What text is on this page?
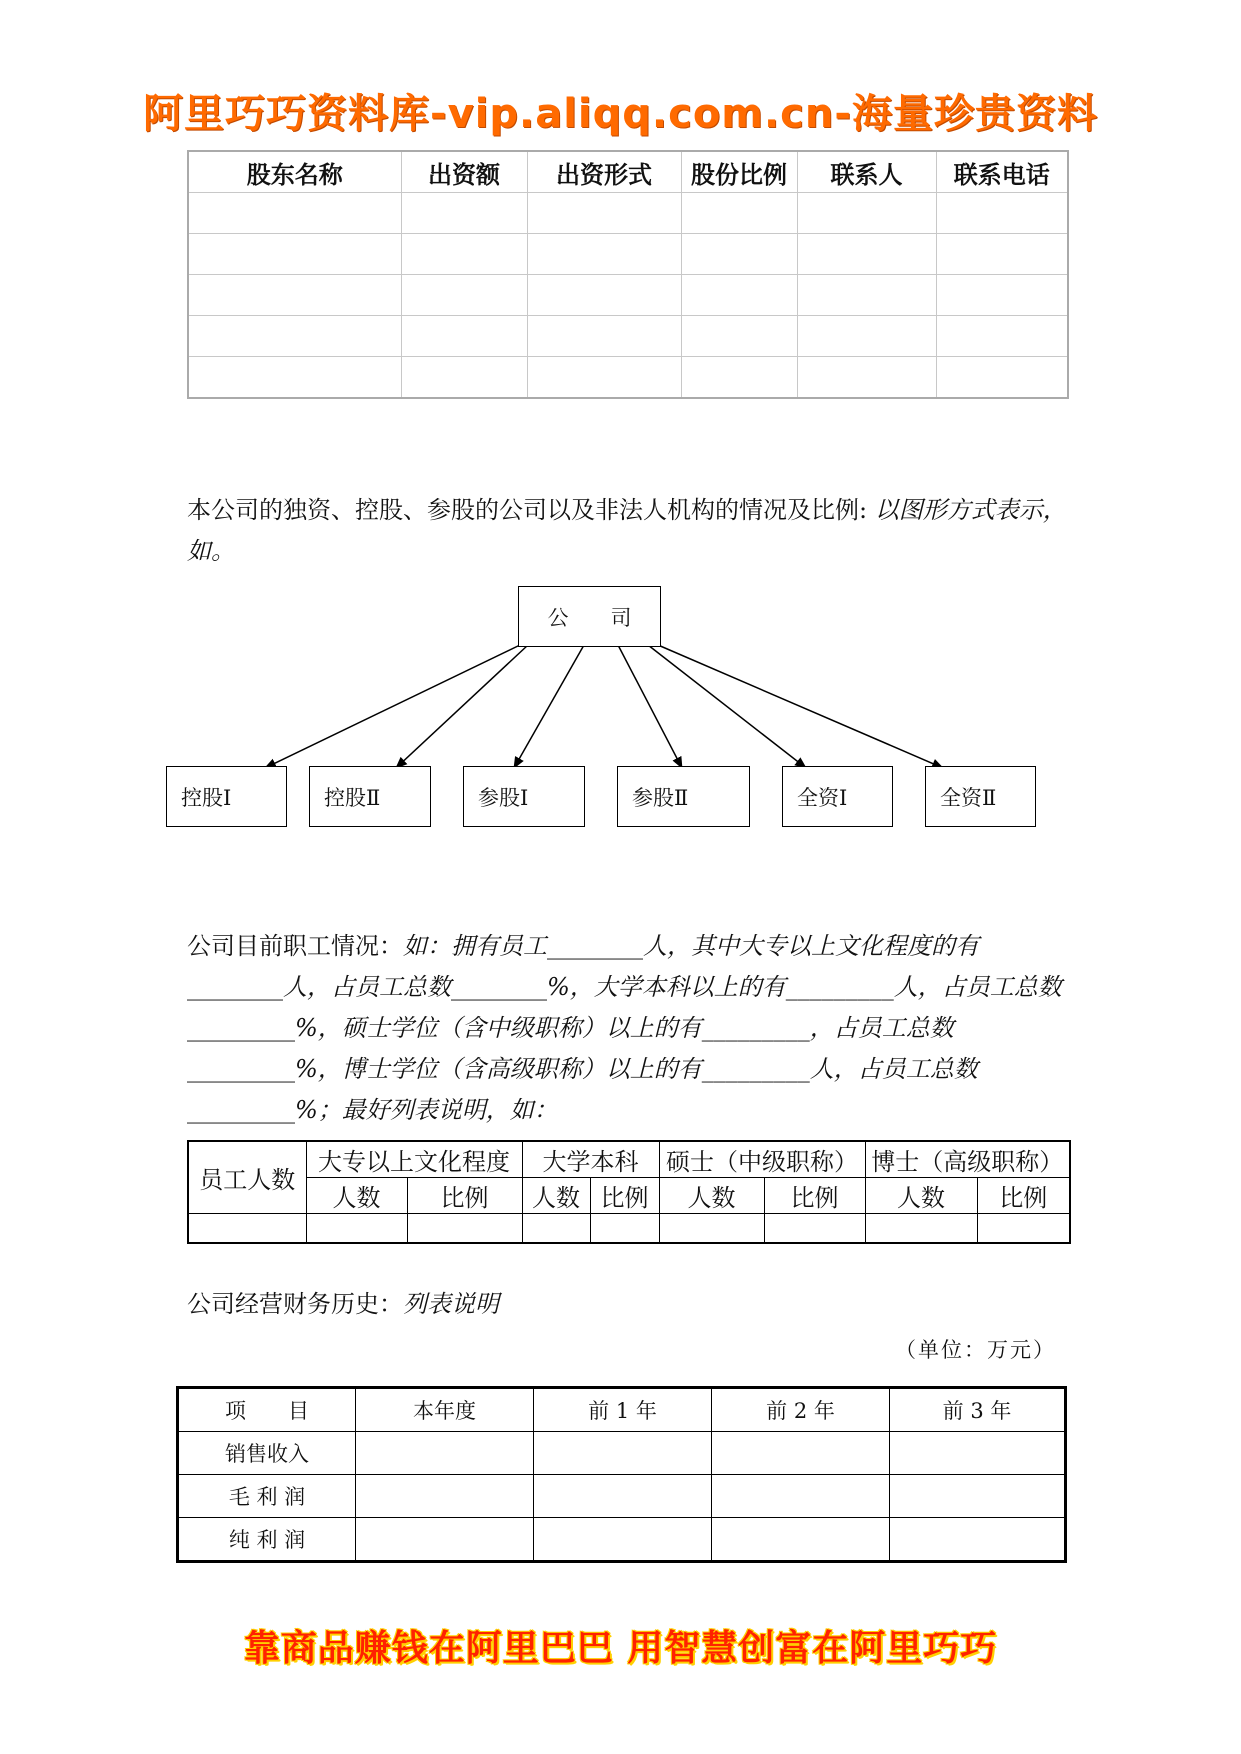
阿里巧巧资料库-vip.aliqq.com.cn-海量珍贵资料
股东名称	出资额	出资形式	股份比例	联系人	联系电话

本公司的独资、控股、参股的公司以及非法人机构的情况及比例: 以图形方式表示，如。
公　　司
控股Ⅰ	控股Ⅱ	参股Ⅰ	参股Ⅱ	全资Ⅰ	全资Ⅱ
公司目前职工情况：如：拥有员工________人，其中大专以上文化程度的有________人，占员工总数________%，大学本科以上的有_________人，占员工总数_________%，硕士学位（含中级职称）以上的有_________，占员工总数_________%，博士学位（含高级职称）以上的有_________人，占员工总数_________%；最好列表说明，如：
员工人数	大专以上文化程度		大学本科		硕士（中级职称）		博士（高级职称）	
	人数	比例	人数	比例	人数	比例	人数	比例

公司经营财务历史：列表说明
（单位：万元）
项　　目	本年度	前 1 年	前 2 年	前 3 年
销售收入				
毛 利 润				
纯 利 润				
靠商品赚钱在阿里巴巴 用智慧创富在阿里巧巧
